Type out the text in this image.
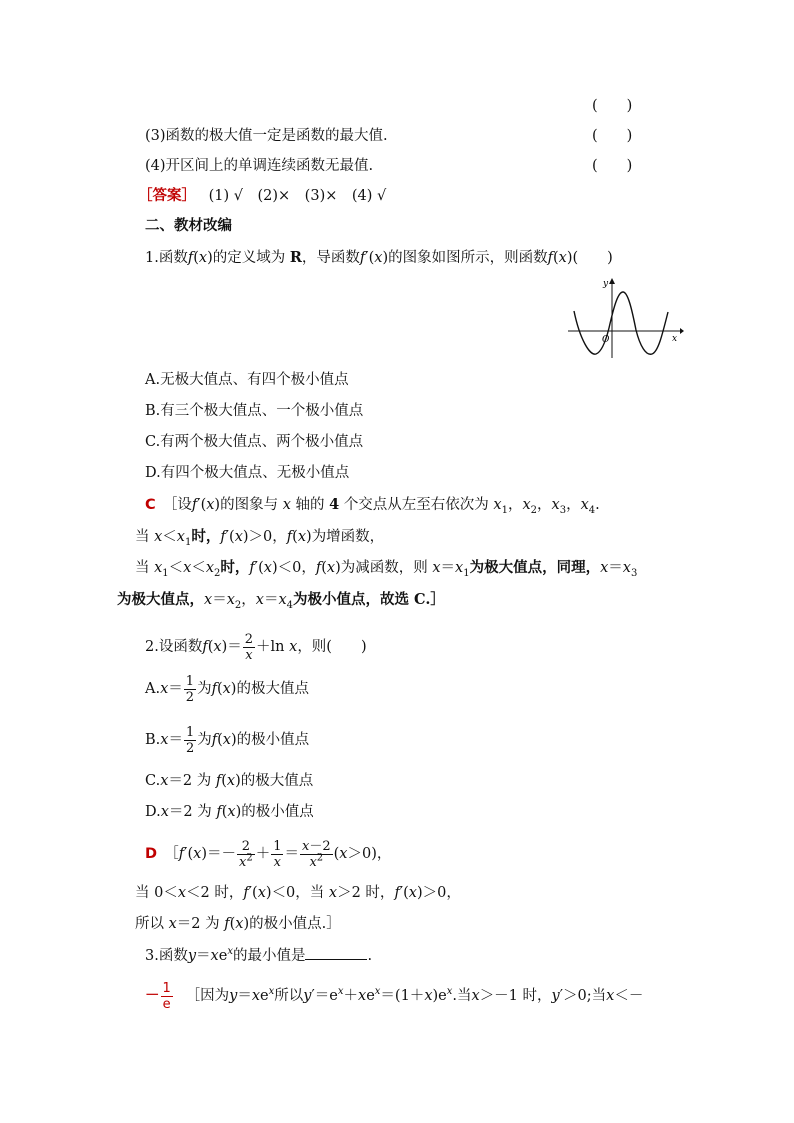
(　　)
(3)函数的极大值一定是函数的最大值.	(　　)
(4)开区间上的单调连续函数无最值.	(　　)
［答案］ (1) √　(2)×　(3)×　(4) √
二、教材改编
1.函数f(x)的定义域为 R，导函数f′(x)的图象如图所示，则函数f(x)(　　)
y
x
O
A.无极大值点、有四个极小值点
B.有三个极大值点、一个极小值点
C.有两个极大值点、两个极小值点
D.有四个极大值点、无极小值点
C　 ［设f′(x)的图象与 x 轴的 4 个交点从左至右依次为 $x_1$，$x_2$，$x_3$，$x_4$.
当 $x<x_1$时，f′(x)＞0，f(x)为增函数，
当 $x_1<x<x_2$时，f′(x)＜0，f(x)为减函数，则 $x=x_1$为极大值点，同理，$x=x_3$
为极大值点，$x=x_2$，$x=x_4$为极小值点，故选 C.］
2.设函数$f(x)= \frac{2}{x} +\ln$ x，则(　　)
$A.x= \frac{1}{2}$ 为f(x)的极大值点
$B.x= \frac{1}{2}$ 为f(x)的极小值点
C.x＝2 为 f(x)的极大值点
D.x＝2 为 f(x)的极小值点
D　 ［f′(x)＝－ $\frac{2}{x^2} + \frac{1}{x} = \frac{x-2}{x^2} (x>0)$，
当 0＜x＜2 时，f′(x)＜0，当 x＞2 时，f′(x)＞0，
所以 x＝2 为 f(x)的极小值点.］
3.函数$y=xe^x$的最小值是	.
－ $\frac{1}{e}$
　 ［因为$y=xe^x$所以$y'=e^x+xe^x=(1+x)e^x$.当x＞－1 时，y′＞0;当x＜－
